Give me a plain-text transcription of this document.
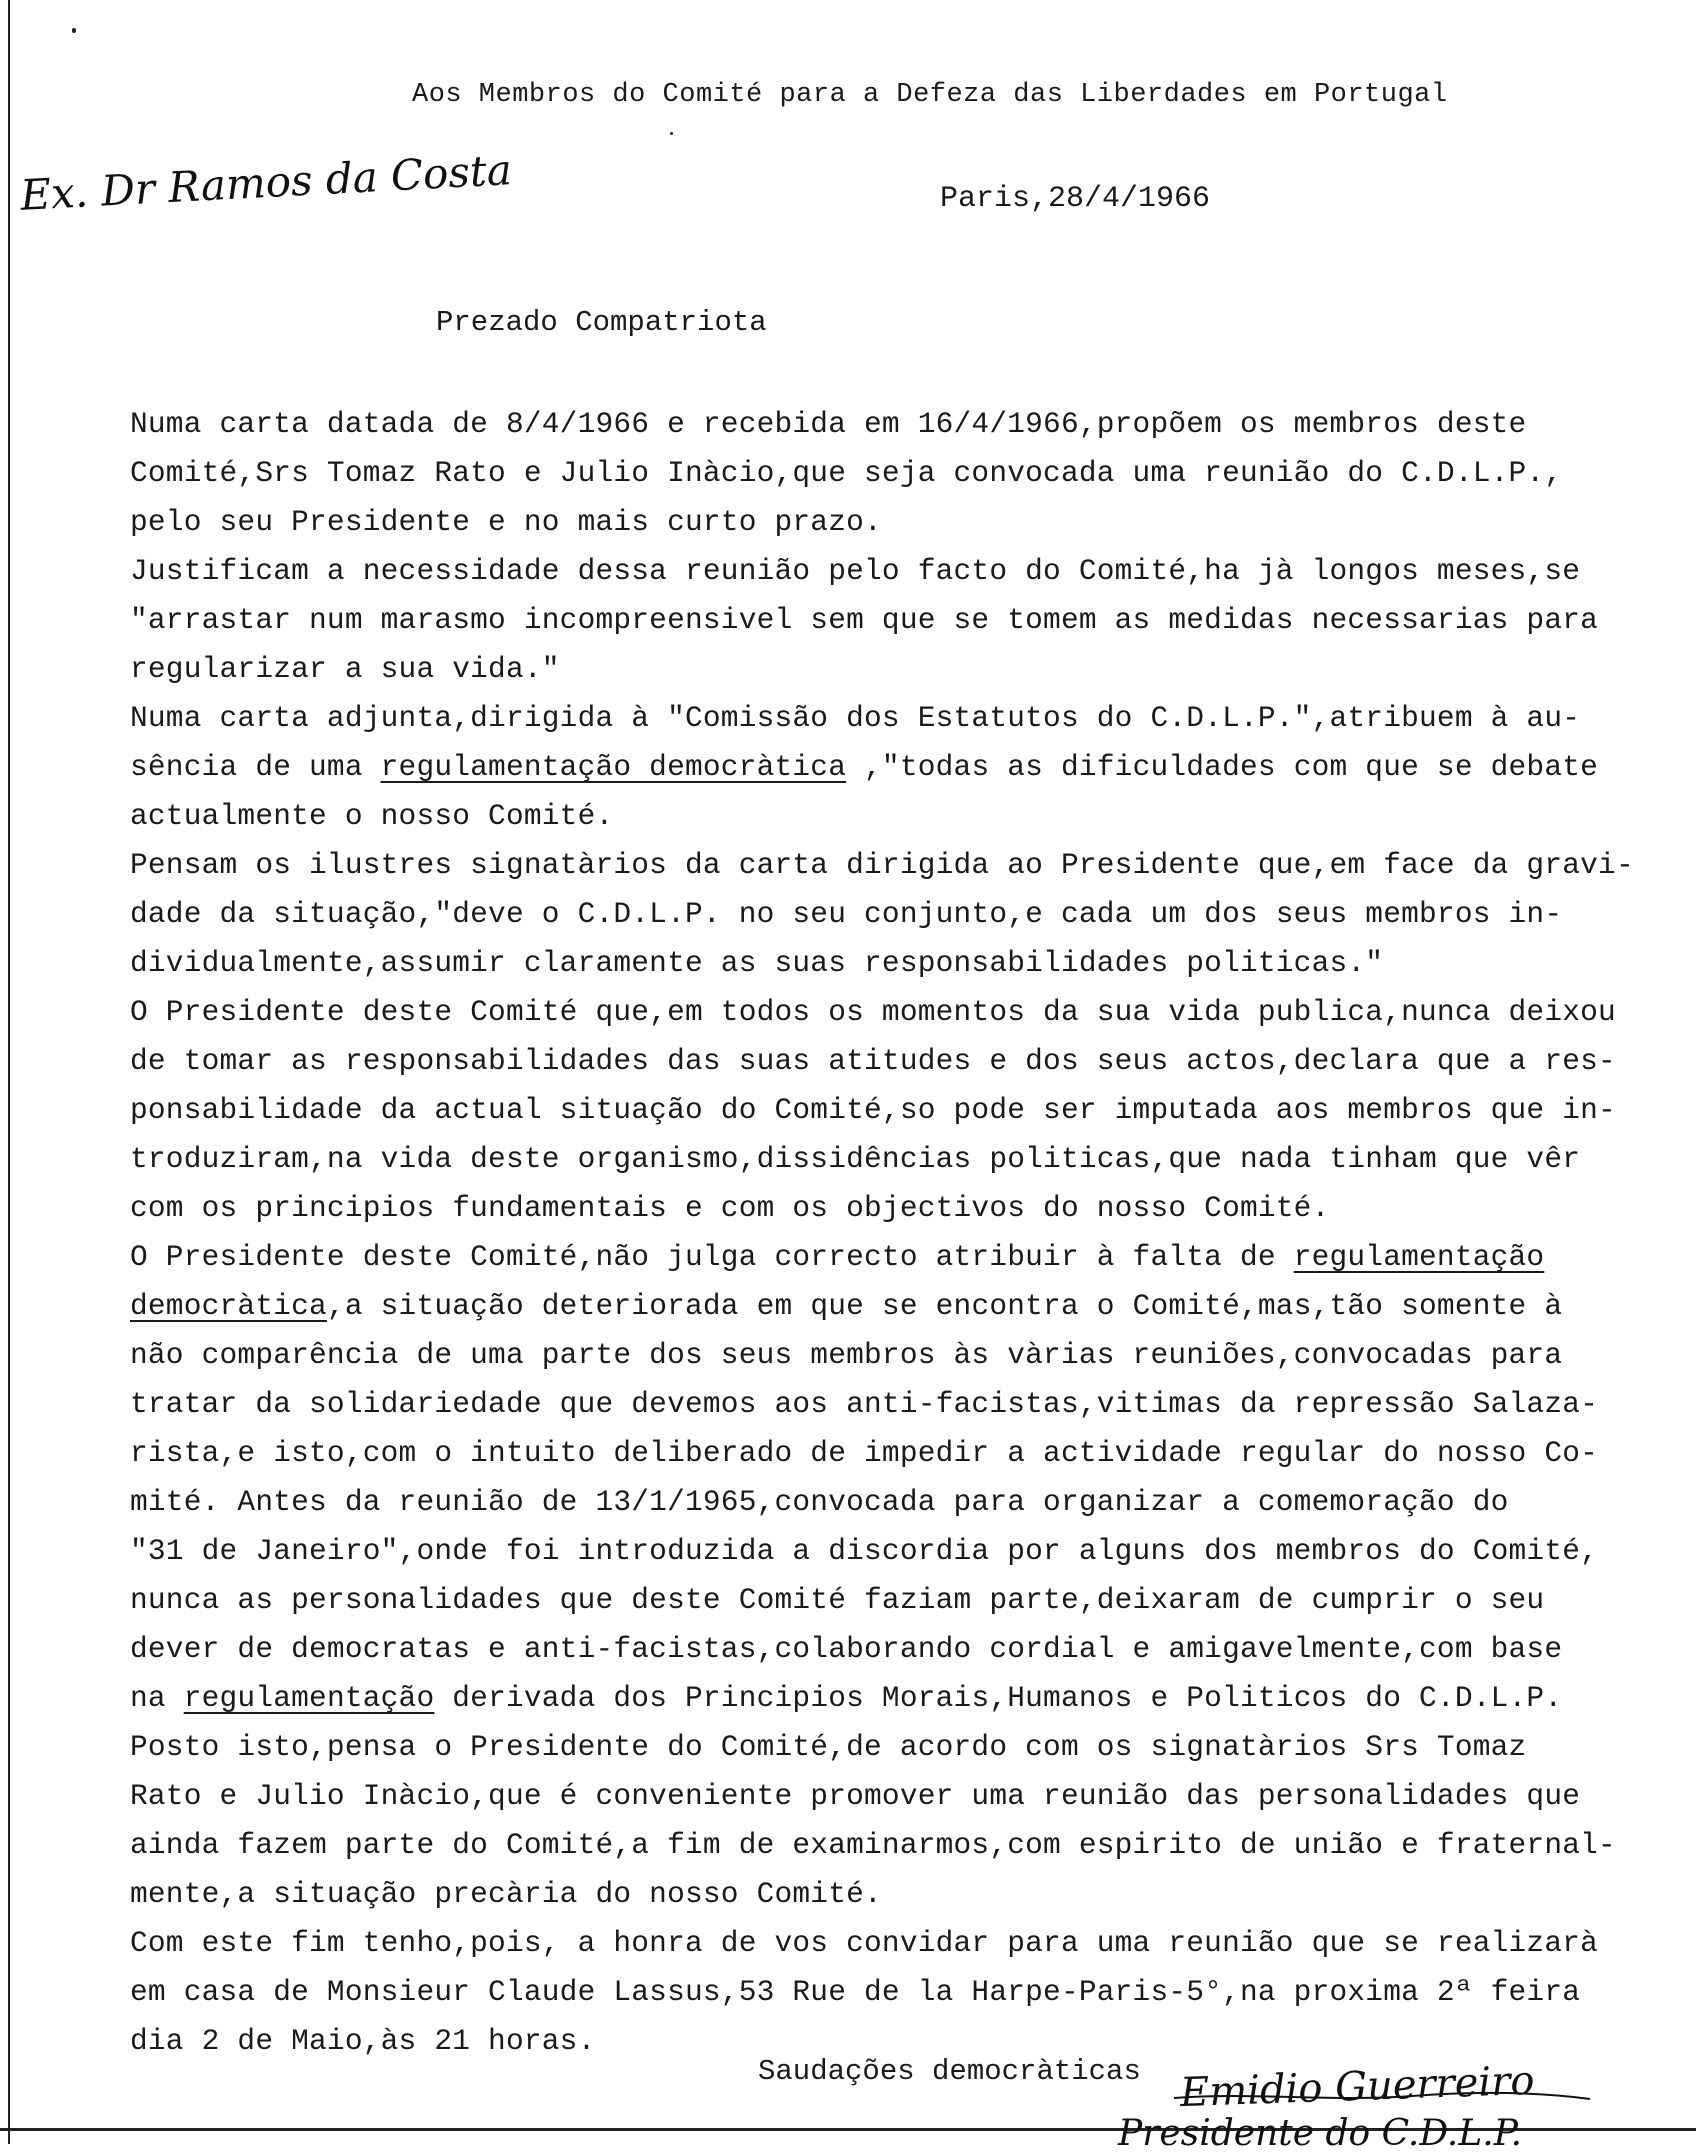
Aos Membros do Comité para a Defeza das Liberdades em Portugal
Ex. Dr Ramos da Costa	Paris,28/4/1966
Prezado Compatriota
Numa carta datada de 8/4/1966 e recebida em 16/4/1966,propõem os membros deste
Comité,Srs Tomaz Rato e Julio Inàcio,que seja convocada uma reunião do C.D.L.P.,
pelo seu Presidente e no mais curto prazo.
Justificam a necessidade dessa reunião pelo facto do Comité,ha jà longos meses,se
"arrastar num marasmo incompreensivel sem que se tomem as medidas necessarias para
regularizar a sua vida."
Numa carta adjunta,dirigida à "Comissão dos Estatutos do C.D.L.P.",atribuem à au-
sência de uma regulamentação democràtica ,"todas as dificuldades com que se debate
actualmente o nosso Comité.
Pensam os ilustres signatàrios da carta dirigida ao Presidente que,em face da gravi-
dade da situação,"deve o C.D.L.P. no seu conjunto,e cada um dos seus membros in-
dividualmente,assumir claramente as suas responsabilidades politicas."
O Presidente deste Comité que,em todos os momentos da sua vida publica,nunca deixou
de tomar as responsabilidades das suas atitudes e dos seus actos,declara que a res-
ponsabilidade da actual situação do Comité,so pode ser imputada aos membros que in-
troduziram,na vida deste organismo,dissidências politicas,que nada tinham que vêr
com os principios fundamentais e com os objectivos do nosso Comité.
O Presidente deste Comité,não julga correcto atribuir à falta de regulamentação
democràtica,a situação deteriorada em que se encontra o Comité,mas,tão somente à
não comparência de uma parte dos seus membros às vàrias reuniões,convocadas para
tratar da solidariedade que devemos aos anti-facistas,vitimas da repressão Salaza-
rista,e isto,com o intuito deliberado de impedir a actividade regular do nosso Co-
mité. Antes da reunião de 13/1/1965,convocada para organizar a comemoração do
"31 de Janeiro",onde foi introduzida a discordia por alguns dos membros do Comité,
nunca as personalidades que deste Comité faziam parte,deixaram de cumprir o seu
dever de democratas e anti-facistas,colaborando cordial e amigavelmente,com base
na regulamentação derivada dos Principios Morais,Humanos e Politicos do C.D.L.P.
Posto isto,pensa o Presidente do Comité,de acordo com os signatàrios Srs Tomaz
Rato e Julio Inàcio,que é conveniente promover uma reunião das personalidades que
ainda fazem parte do Comité,a fim de examinarmos,com espirito de união e fraternal-
mente,a situação precària do nosso Comité.
Com este fim tenho,pois, a honra de vos convidar para uma reunião que se realizarà
em casa de Monsieur Claude Lassus,53 Rue de la Harpe-Paris-5°,na proxima 2ª feira
dia 2 de Maio,às 21 horas.
Saudações democràticas Emidio Guerreiro
Presidente do C.D.L.P.
